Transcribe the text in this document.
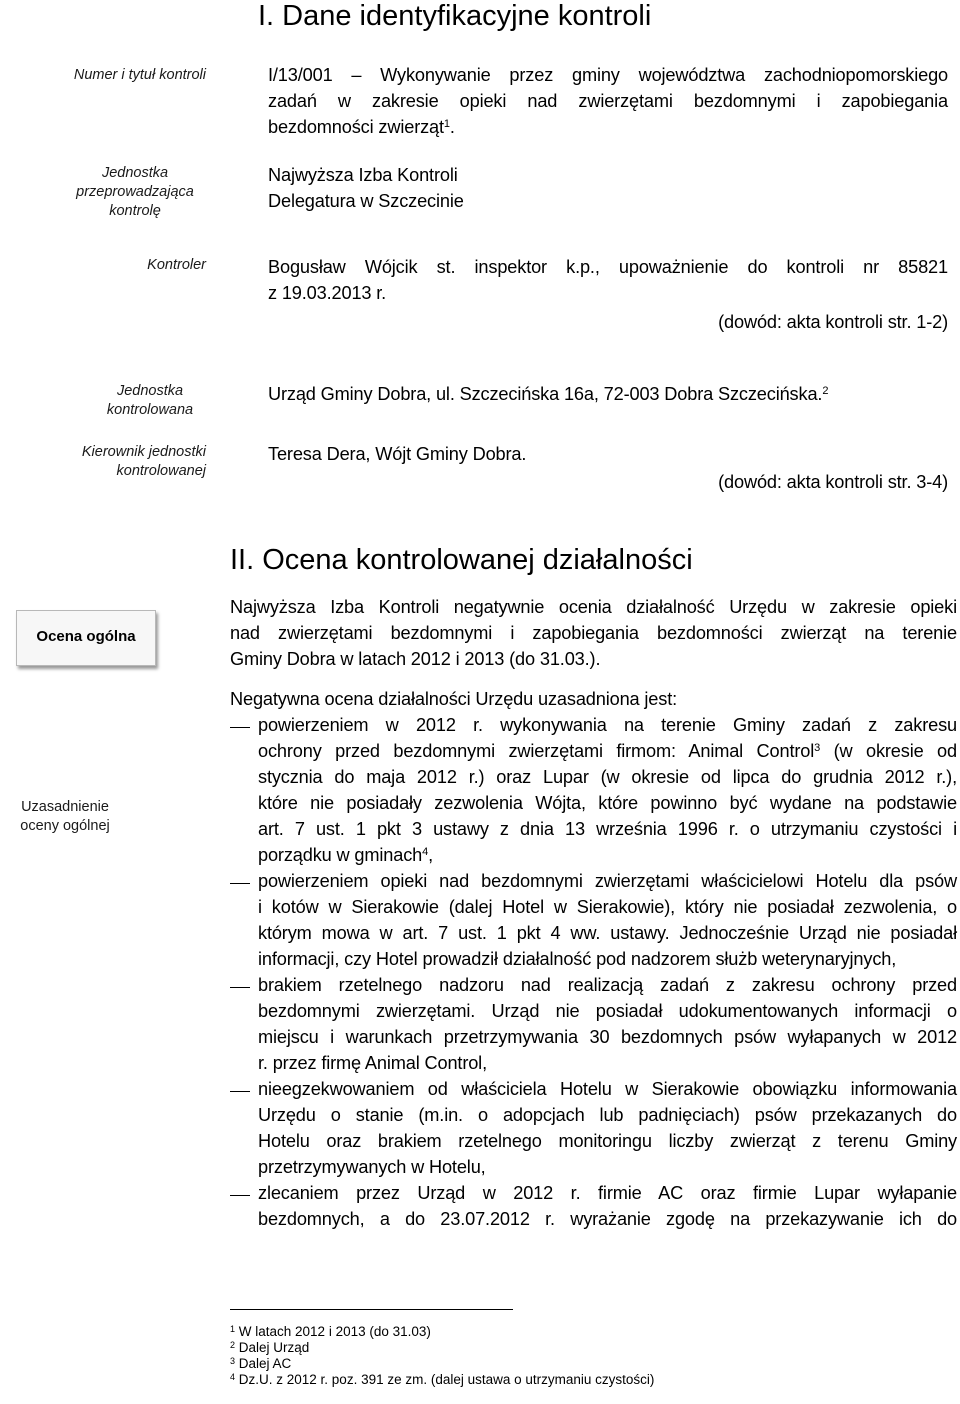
I. Dane identyfikacyjne kontroli
Numer i tytuł kontroli	I/13/001 – Wykonywanie przez gminy województwa zachodniopomorskiego
zadań w zakresie opieki nad zwierzętami bezdomnymi i zapobiegania
bezdomności zwierząt$^1$.
Jednostka przeprowadzająca kontrolę
Najwyższa Izba Kontroli
Delegatura w Szczecinie
Kontroler	Bogusław Wójcik st. inspektor k.p., upoważnienie do kontroli nr 85821
z 19.03.2013 r.
(dowód: akta kontroli str. 1-2)
Jednostka kontrolowana
Urząd Gminy Dobra, ul. Szczecińska 16a, 72-003 Dobra Szczecińska.$^2$
Kierownik jednostki kontrolowanej
Teresa Dera, Wójt Gminy Dobra.
(dowód: akta kontroli str. 3-4)
II. Ocena kontrolowanej działalności
Ocena ogólna
Uzasadnienie oceny ogólnej
Najwyższa Izba Kontroli negatywnie ocenia działalność Urzędu w zakresie opieki
nad zwierzętami bezdomnymi i zapobiegania bezdomności zwierząt na terenie
Gminy Dobra w latach 2012 i 2013 (do 31.03.).
Negatywna ocena działalności Urzędu uzasadniona jest:
powierzeniem w 2012 r. wykonywania na terenie Gminy zadań z zakresu
ochrony przed bezdomnymi zwierzętami firmom: Animal Control$^3$ (w okresie od
stycznia do maja 2012 r.) oraz Lupar (w okresie od lipca do grudnia 2012 r.),
które nie posiadały zezwolenia Wójta, które powinno być wydane na podstawie
art. 7 ust. 1 pkt 3 ustawy z dnia 13 września 1996 r. o utrzymaniu czystości i
porządku w gminach$^4$,
powierzeniem opieki nad bezdomnymi zwierzętami właścicielowi Hotelu dla psów
i kotów w Sierakowie (dalej Hotel w Sierakowie), który nie posiadał zezwolenia, o
którym mowa w art. 7 ust. 1 pkt 4 ww. ustawy. Jednocześnie Urząd nie posiadał
informacji, czy Hotel prowadził działalność pod nadzorem służb weterynaryjnych,
brakiem rzetelnego nadzoru nad realizacją zadań z zakresu ochrony przed
bezdomnymi zwierzętami. Urząd nie posiadał udokumentowanych informacji o
miejscu i warunkach przetrzymywania 30 bezdomnych psów wyłapanych w 2012
r. przez firmę Animal Control,
nieegzekwowaniem od właściciela Hotelu w Sierakowie obowiązku informowania
Urzędu o stanie (m.in. o adopcjach lub padnięciach) psów przekazanych do
Hotelu oraz brakiem rzetelnego monitoringu liczby zwierząt z terenu Gminy
przetrzymywanych w Hotelu,
zlecaniem przez Urząd w 2012 r. firmie AC oraz firmie Lupar wyłapanie
bezdomnych, a do 23.07.2012 r. wyrażanie zgodę na przekazywanie ich do
$^1$ W latach 2012 i 2013 (do 31.03)
$^2$ Dalej Urząd
$^3$ Dalej AC
$^4$ Dz.U. z 2012 r. poz. 391 ze zm. (dalej ustawa o utrzymaniu czystości)
